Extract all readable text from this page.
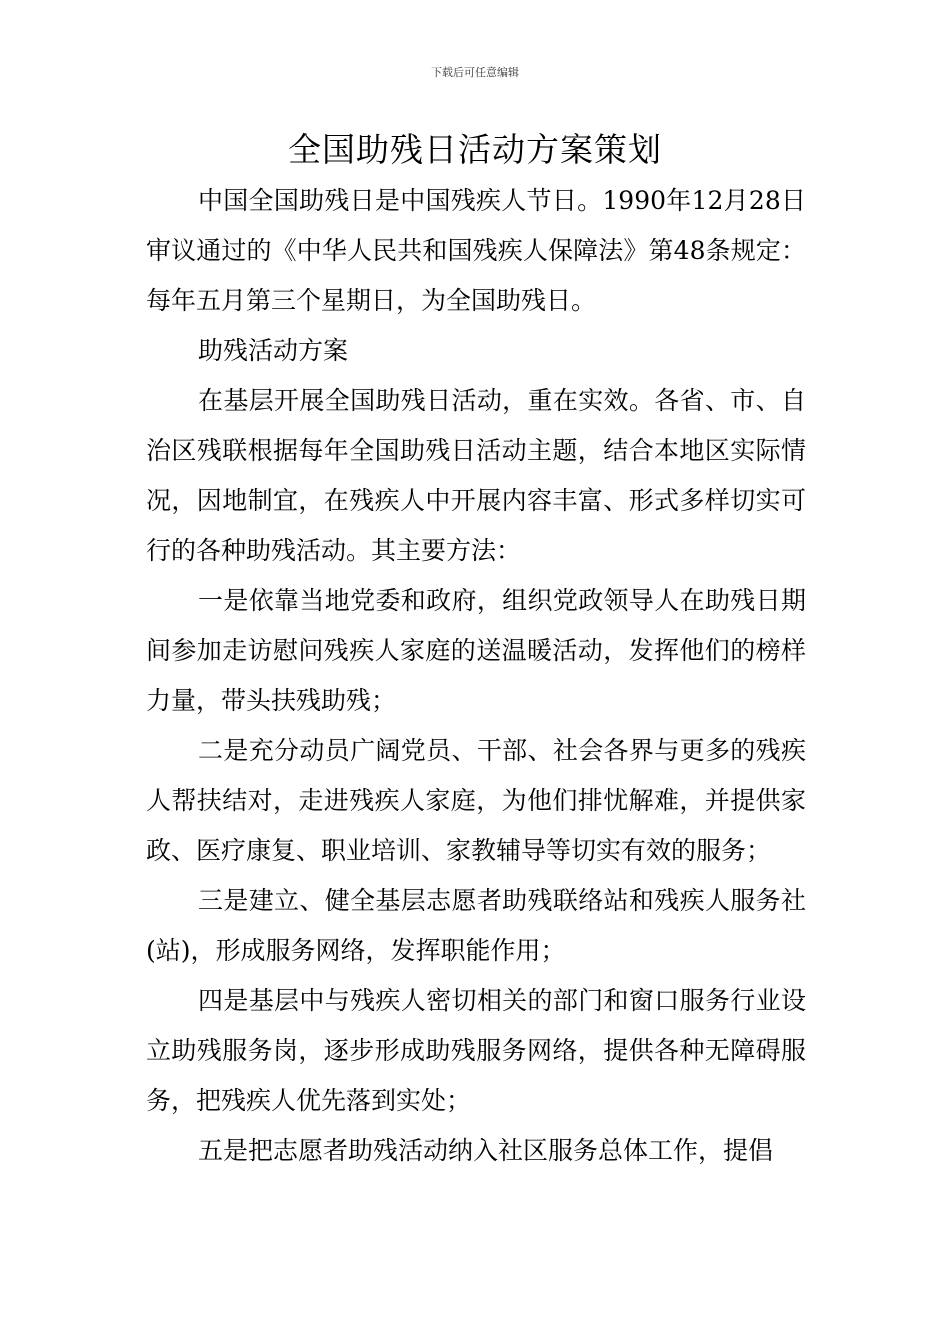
下载后可任意编辑
全国助残日活动方案策划

中国全国助残日是中国残疾人节日。1990年12月28日审议通过的《中华人民共和国残疾人保障法》第48条规定：每年五月第三个星期日，为全国助残日。

助残活动方案

在基层开展全国助残日活动，重在实效。各省、市、自治区残联根据每年全国助残日活动主题，结合本地区实际情况，因地制宜，在残疾人中开展内容丰富、形式多样切实可行的各种助残活动。其主要方法：

一是依靠当地党委和政府，组织党政领导人在助残日期间参加走访慰问残疾人家庭的送温暖活动，发挥他们的榜样力量，带头扶残助残；

二是充分动员广阔党员、干部、社会各界与更多的残疾人帮扶结对，走进残疾人家庭，为他们排忧解难，并提供家政、医疗康复、职业培训、家教辅导等切实有效的服务；

三是建立、健全基层志愿者助残联络站和残疾人服务社(站)，形成服务网络，发挥职能作用；

四是基层中与残疾人密切相关的部门和窗口服务行业设立助残服务岗，逐步形成助残服务网络，提供各种无障碍服务，把残疾人优先落到实处；

五是把志愿者助残活动纳入社区服务总体工作，提倡
